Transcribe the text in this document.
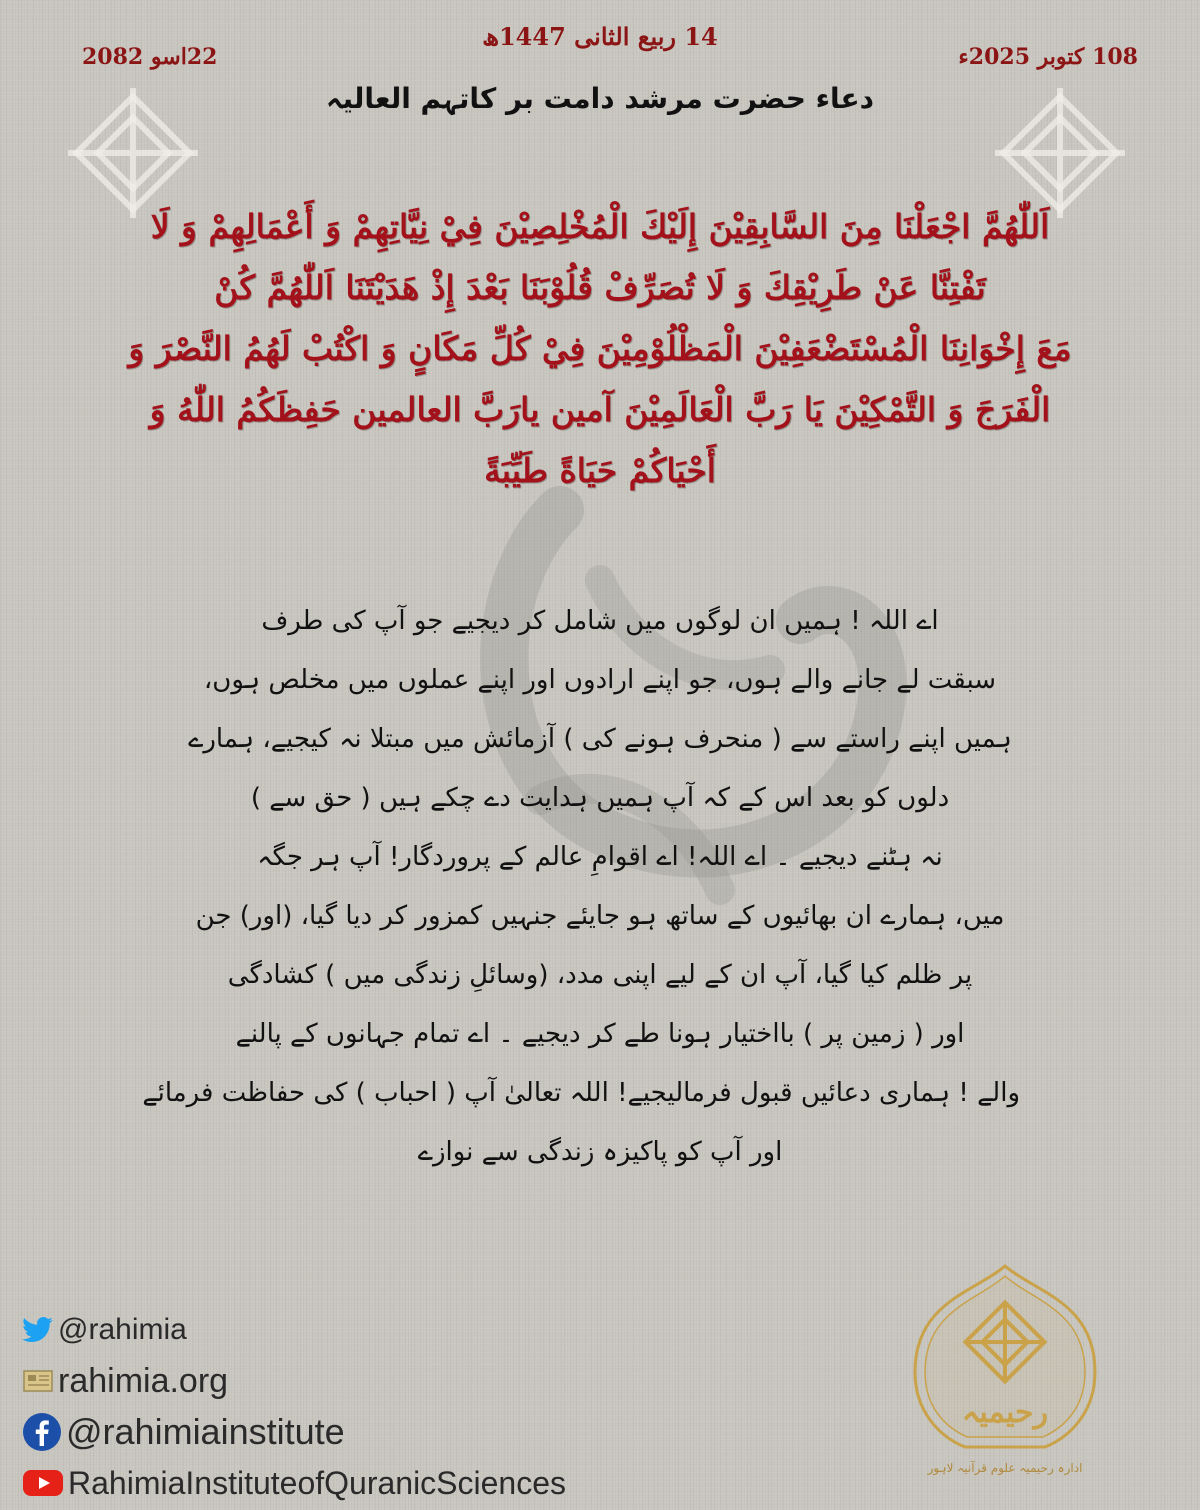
14 ربیع الثانی 1447ھ
108 کتوبر 2025ء
22اسو 2082
دعاء حضرت مرشد دامت بر کاتہم العالیہ
اَللّٰهُمَّ اجْعَلْنَا مِنَ السَّابِقِيْنَ إِلَيْكَ الْمُخْلِصِيْنَ فِيْ نِيَّاتِهِمْ وَ أَعْمَالِهِمْ وَ لَا
تَفْتِنَّا عَنْ طَرِيْقِكَ وَ لَا تُصَرِّفْ قُلُوْبَنَا بَعْدَ إِذْ هَدَيْتَنَا اَللّٰهُمَّ كُنْ
مَعَ إِخْوَانِنَا الْمُسْتَضْعَفِيْنَ الْمَظْلُوْمِيْنَ فِيْ كُلِّ مَكَانٍ وَ اكْتُبْ لَهُمُ النَّصْرَ وَ
الْفَرَجَ وَ التَّمْكِيْنَ يَا رَبَّ الْعَالَمِيْنَ آمين يارَبَّ العالمين حَفِظَكُمُ اللّٰهُ وَ
أَحْيَاكُمْ حَيَاةً طَيِّبَةً
اے اللہ ! ہمیں ان لوگوں میں شامل کر دیجیے جو آپ کی طرف
سبقت لے جانے والے ہوں، جو اپنے ارادوں اور اپنے عملوں میں مخلص ہوں،
ہمیں اپنے راستے سے ( منحرف ہونے کی ) آزمائش میں مبتلا نہ کیجیے، ہمارے
دلوں کو بعد اس کے کہ آپ ہمیں ہدایت دے چکے ہیں ( حق سے )
نہ ہٹنے دیجیے ۔ اے اللہ! اے اقوامِ عالم کے پروردگار! آپ ہر جگہ
میں، ہمارے ان بھائیوں کے ساتھ ہو جایئے جنہیں کمزور کر دیا گیا، (اور) جن
پر ظلم کیا گیا، آپ ان کے لیے اپنی مدد، (وسائلِ زندگی میں ) کشادگی
اور ( زمین پر ) بااختیار ہونا طے کر دیجیے ۔ اے تمام جہانوں کے پالنے
والے ! ہماری دعائیں قبول فرمالیجیے! اللہ تعالیٰ آپ ( احباب ) کی حفاظت فرمائے
اور آپ کو پاکیزہ زندگی سے نوازے
@rahimia
rahimia.org
@rahimiainstitute
RahimiaInstituteofQuranicSciences
رحیمیہ
ادارہ رحیمیہ علوم قرآنیہ لاہور
